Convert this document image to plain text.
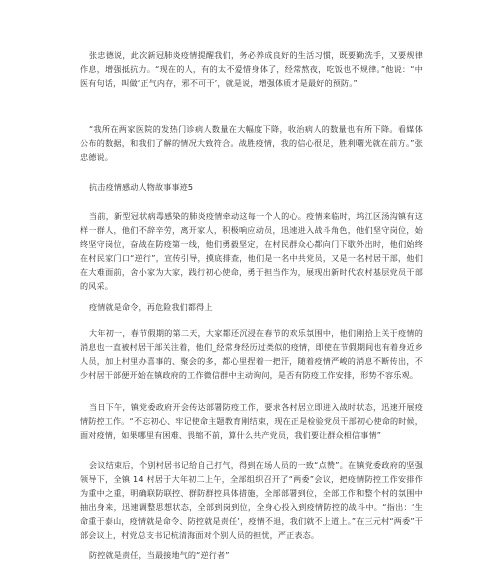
张忠德说，此次新冠肺炎疫情提醒我们，务必养成良好的生活习惯，既要勤洗手，又要规律作息，增强抵抗力。“现在的人，有的太不爱惜身体了，经常熬夜，吃饭也不规律。”他说：“中医有句话，叫做‘正气内存，邪不可干’，就是说，增强体质才是最好的预防。”

“我所在两家医院的发热门诊病人数量在大幅度下降，收治病人的数量也有所下降。看媒体公布的数据，和我们了解的情况大致符合。战胜疫情，我的信心很足，胜利曙光就在前方。”张忠德说。

抗击疫情感动人物故事事迹5

当前，新型冠状病毒感染的肺炎疫情牵动这每一个人的心。疫情来临时，坞江区汤沟镇有这样一群人，他们不辞辛劳，离开家人，积极响应动员，迅速进入战斗角色，他们坚守岗位，始终坚守岗位，奋战在防疫第一线，他们勇毅坚定，在村民群众心都向门下歇外出时，他们始终在村民家门口“逆行”，宣传引导，摸底排查，他们是一名中共党员，又是一名村居干部，他们在大难面前，舍小家为大家，践行初心使命，勇于担当作为，展现出新时代农村基层党员干部的风采。

疫情就是命令，再危险我们都得上

大年初一，春节假期的第二天，大家都还沉浸在春节的欢乐氛围中，他们刚拾上关于疫情的消息也一直被村居干部关注着，他们_经常身经历过类似的疫情，即使在节假期间也有着身近乡人员，加上村里办喜事的、聚会的多，都心里捏着一把汗，随着疫情严峻的消息不断传出，不少村居干部便开始在镇政府的工作微信群中主动询问，是否有防疫工作安排，形势不容乐观。

当日下午，镇党委政府开会传达部署防疫工作，要求各村居立即进入战时状态，迅速开展疫情防控工作。“不忘初心、牢记使命主题教育刚结束，现在正是检验党员干部初心使命的时候，面对疫情，如果哪里有困难、畏缩不前，算什么共产党员，我们要让群众相信事情”

会议结束后，个别村居书记给自己打气，得到在场人员的一致“点赞”。在镇党委政府的坚强领导下，全镇 14 村居于大年初二上午，全部组织召开了“两委”会议，把疫情防控工作安排作为重中之重，明确联防联控、群防群控具体措施，全部部署到位，全部工作和整个村的氛围中抽出身来，迅速调整思想状态，全部到岗到位，全身心投入到疫情防控的战斗中。“指出：‘生命重于泰山，疫情就是命令、防控就是责任’，疫情不退，我们就不上道上。”在三元村“两委”干部会议上，村党总支书记杭清海面对个别人员的担忧，严正表态。

防控就是责任，当最接地气的“逆行者”
